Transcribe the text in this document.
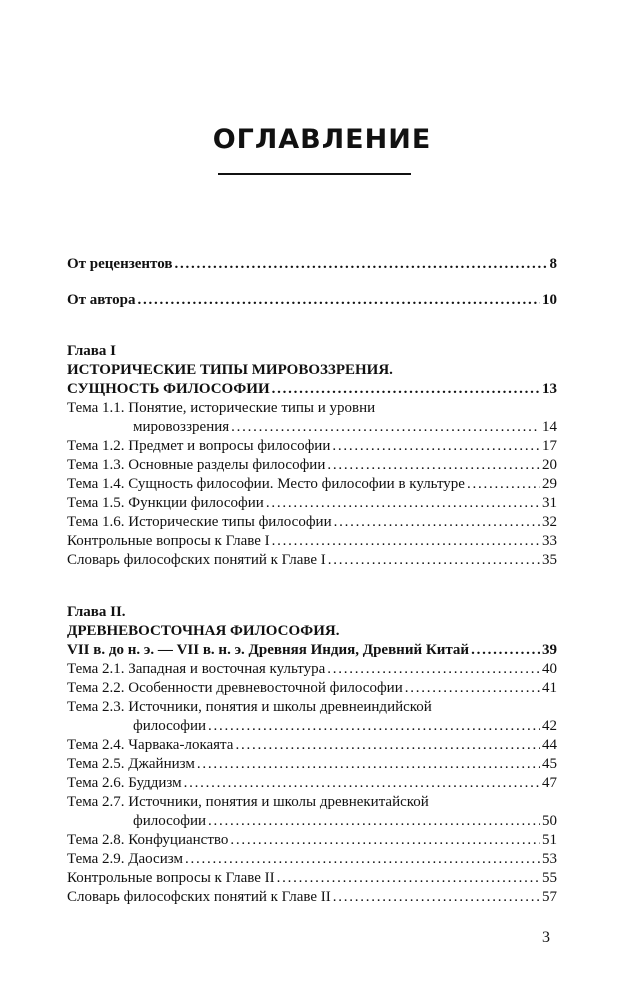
ОГЛАВЛЕНИЕ
От рецензентов . . .	8
От автора . . .	10
Глава I
ИСТОРИЧЕСКИЕ ТИПЫ МИРОВОЗЗРЕНИЯ.
СУЩНОСТЬ ФИЛОСОФИИ . . .	13
Тема 1.1. Понятие, исторические типы и уровни
мировоззрения . . .	14
Тема 1.2. Предмет и вопросы философии . . .	17
Тема 1.3. Основные разделы философии . . .	20
Тема 1.4. Сущность философии. Место философии в культуре . . .	29
Тема 1.5. Функции философии . . .	31
Тема 1.6. Исторические типы философии . . .	32
Контрольные вопросы к Главе I . . .	33
Словарь философских понятий к Главе I . . .	35
Глава II.
ДРЕВНЕВОСТОЧНАЯ ФИЛОСОФИЯ.
VII в. до н. э. — VII в. н. э. Древняя Индия, Древний Китай . . .	39
Тема 2.1. Западная и восточная культура . . .	40
Тема 2.2. Особенности древневосточной философии . . .	41
Тема 2.3. Источники, понятия и школы древнеиндийской
философии . . .	42
Тема 2.4. Чарвака-локаята . . .	44
Тема 2.5. Джайнизм . . .	45
Тема 2.6. Буддизм . . .	47
Тема 2.7. Источники, понятия и школы древнекитайской
философии . . .	50
Тема 2.8. Конфуцианство . . .	51
Тема 2.9. Даосизм . . .	53
Контрольные вопросы к Главе II . . .	55
Словарь философских понятий к Главе II . . .	57
3
